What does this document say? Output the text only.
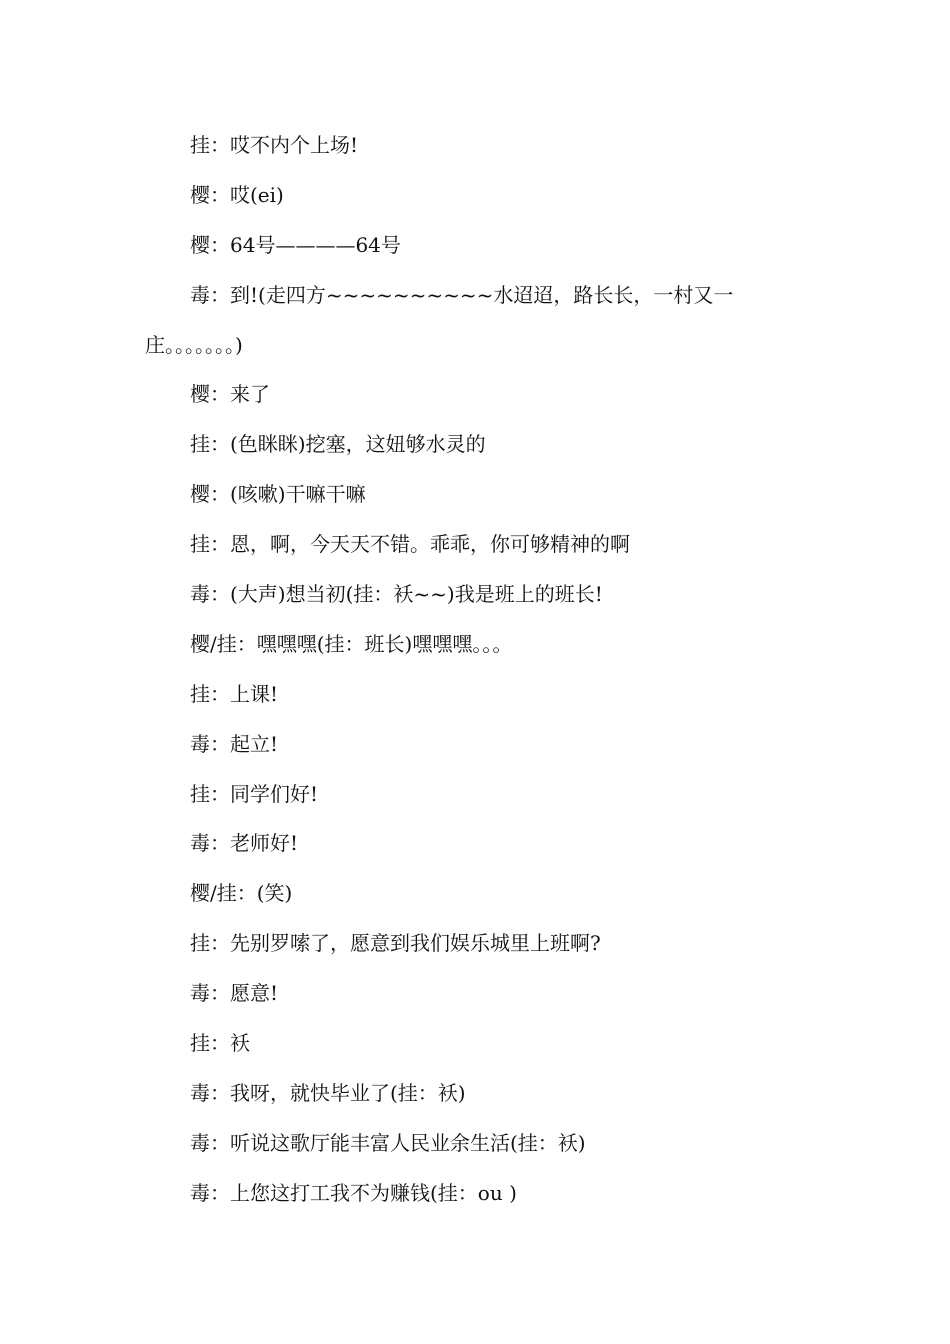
挂：哎不内个上场!
樱：哎(ei)
樱：64号————64号
毒：到!(走四方~~~~~~~~~~水迢迢，路长长，一村又一
庄。。。。。。。)
樱：来了
挂：(色眯眯)挖塞，这妞够水灵的
樱：(咳嗽)干嘛干嘛
挂：恩，啊，今天天不错。乖乖，你可够精神的啊
毒：(大声)想当初(挂：袄~~)我是班上的班长!
樱/挂：嘿嘿嘿(挂：班长)嘿嘿嘿。。。
挂：上课!
毒：起立!
挂：同学们好!
毒：老师好!
樱/挂：(笑)
挂：先别罗嗦了，愿意到我们娱乐城里上班啊?
毒：愿意!
挂：袄
毒：我呀，就快毕业了(挂：袄)
毒：听说这歌厅能丰富人民业余生活(挂：袄)
毒：上您这打工我不为赚钱(挂：ou )
